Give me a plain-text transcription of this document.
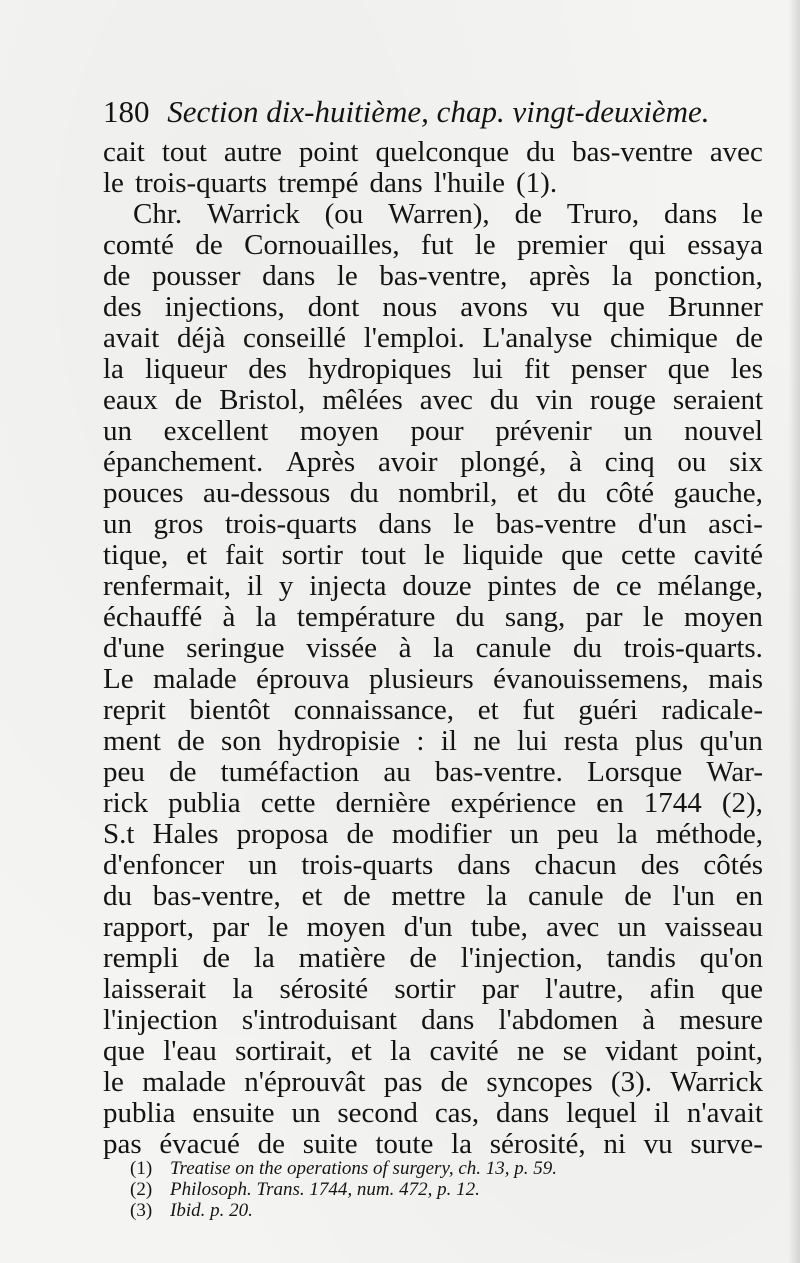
180 Section dix-huitième, chap. vingt-deuxième.
cait tout autre point quelconque du bas-ventre avec
le trois-quarts trempé dans l'huile (1).
Chr. Warrick (ou Warren), de Truro, dans le
comté de Cornouailles, fut le premier qui essaya
de pousser dans le bas-ventre, après la ponction,
des injections, dont nous avons vu que Brunner
avait déjà conseillé l'emploi. L'analyse chimique de
la liqueur des hydropiques lui fit penser que les
eaux de Bristol, mêlées avec du vin rouge seraient
un excellent moyen pour prévenir un nouvel
épanchement. Après avoir plongé, à cinq ou six
pouces au-dessous du nombril, et du côté gauche,
un gros trois-quarts dans le bas-ventre d'un asci-
tique, et fait sortir tout le liquide que cette cavité
renfermait, il y injecta douze pintes de ce mélange,
échauffé à la température du sang, par le moyen
d'une seringue vissée à la canule du trois-quarts.
Le malade éprouva plusieurs évanouissemens, mais
reprit bientôt connaissance, et fut guéri radicale-
ment de son hydropisie : il ne lui resta plus qu'un
peu de tuméfaction au bas-ventre. Lorsque War-
rick publia cette dernière expérience en 1744 (2),
S.t Hales proposa de modifier un peu la méthode,
d'enfoncer un trois-quarts dans chacun des côtés
du bas-ventre, et de mettre la canule de l'un en
rapport, par le moyen d'un tube, avec un vaisseau
rempli de la matière de l'injection, tandis qu'on
laisserait la sérosité sortir par l'autre, afin que
l'injection s'introduisant dans l'abdomen à mesure
que l'eau sortirait, et la cavité ne se vidant point,
le malade n'éprouvât pas de syncopes (3). Warrick
publia ensuite un second cas, dans lequel il n'avait
pas évacué de suite toute la sérosité, ni vu surve-
(1) Treatise on the operations of surgery, ch. 13, p. 59.
(2) Philosoph. Trans. 1744, num. 472, p. 12.
(3) Ibid. p. 20.
